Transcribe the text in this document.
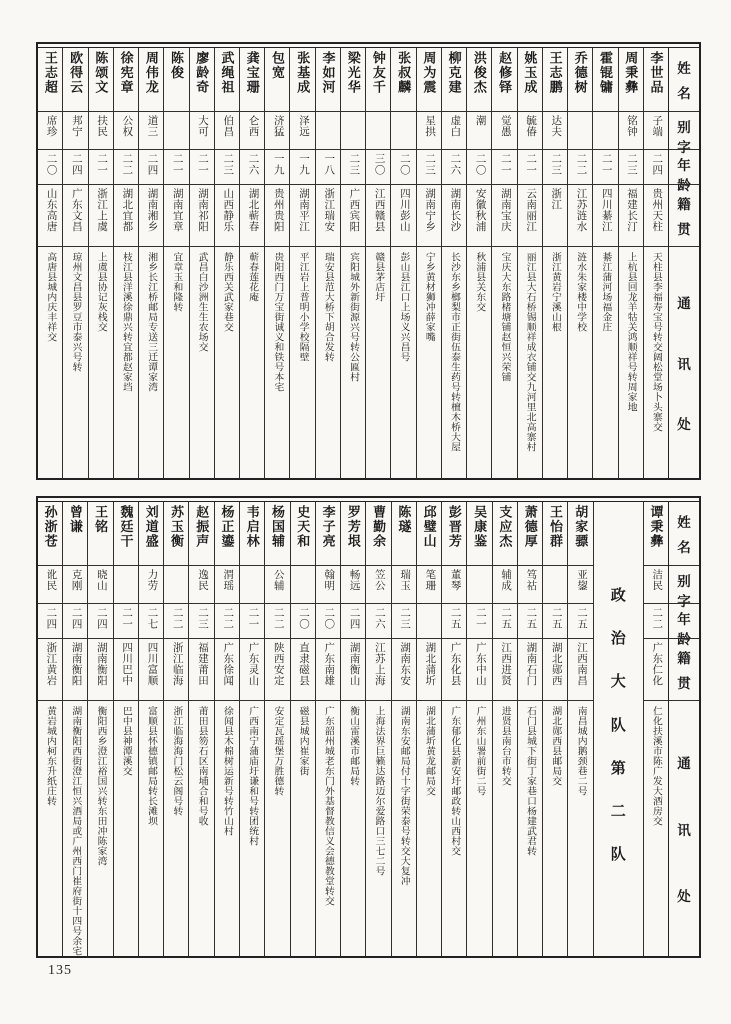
姓
名
别
字
年
龄
籍
贯
通
讯
处
李世品
子端
二四
贵州天柱
天柱县李福寿宝号转交阔松堂场卜头寨交
周秉彝
铭钟
二三
福建长汀
上杭县回龙羊牯关鸿顺祥号转周家地
霍锟镛
二一
四川綦江
綦江蒲河场福金庄
乔德树
二二
江苏涟水
涟水朱家楼中学校
王志鹏
达夫
二三
浙江
浙江黄岩宁溪山根
姚玉成
毓偆
二一
云南丽江
丽江县大石桥锡顺祥成衣铺交九河里北高寨村
赵修铎
觉愚
二一
湖南宝庆
宝庆大东路楮塘铺赵恒兴荣铺
洪俊杰
潮
二〇
安徽秋浦
秋浦县关东交
柳克建
虚白
二六
湖南长沙
长沙东乡榔梨市正街伍泰生药号转檀木桥大屋
周为震
星拱
二三
湖南宁乡
宁乡黄材狮冲薛家嘴
张叔麟
二〇
四川彭山
彭山县江口上场义兴昌号
钟友千
三〇
江西赣县
赣县茅店圩
梁光华
二三
广西宾阳
宾阳城外新街源兴号转公匾村
李如河
一八
浙江瑞安
瑞安县范大桥下胡合发转
张基成
泽远
一九
湖南平江
平江岩上普明小学校隔壁
包宽
济猛
一九
贵州贵阳
贵阳西门万宝街诚义和铁号本宅
龚宝珊
仑西
二六
湖北蕲春
蕲春莲花庵
武绳祖
伯昌
二三
山西静乐
静乐西关武家巷交
廖龄奇
大可
二一
湖南祁阳
武昌白沙洲生生农场交
陈俊
二一
湖南宜章
宜章玉和隆转
周伟龙
道三
二四
湖南湘乡
湘乡长江桥邮局专送三迁谭家湾
徐宪章
公权
二二
湖北宜都
枝江县洋溪徐鼎兴转宜都赵家垱
陈颂文
扶民
二一
浙江上虞
上虞县协记灰栈交
欧得云
邦宁
二四
广东文昌
琼州文昌县罗豆市泰兴号转
王志超
席珍
二〇
山东高唐
高唐县城内庆丰祥交
姓
名
别
字
年
龄
籍
贯
通
讯
处
谭秉彝
洁民
二二
广东仁化
仁化扶溪市陈广发大酒房交
政
治
大
队
第
二
队
胡家骠
亚鋆
二五
江西南昌
南昌城内鹅颈巷二号
王怡群
二五
湖北郧西
湖北郧西县邮局交
萧德厚
笃祜
二五
湖南石门
石门县城下街丁家巷口杨建武君转
支应杰
辅成
二五
江西进贤
进贤县南台市转交
吴康鉴
二一
广东中山
广州东山署前街二号
彭晋芳
董琴
二五
广东化县
广东郁化县新安圩邮政转山西村交
邱璧山
笔珊
湖北蒲圻
湖北蒲圻黄龙邮局交
陈璲
瑞玉
二三
湖南东安
湖南东安邮局付十字街荣泰号转交大复冲
曹勤余
笠公
二六
江苏上海
上海法界巨籁达路迈尔爱路口三七二号
罗芳垠
畅远
二四
湖南衡山
衡山雷溪市邮局转
李子亮
翰明
二〇
广东南雄
广东韶州城老东门外基督教信义会德教堂转交
史天和
二〇
直隶磁县
磁县城内崔家街
杨国辅
公辅
二二
陕西安定
安定瓦瑶堡万胜德转
韦启林
二一
广东灵山
广西南宁蒲庙圩谦和号转团统村
杨正鎏
渭瑶
二二
广东徐闻
徐闻县木棉树运新号转竹山村
赵振声
逸民
二三
福建莆田
莆田县笏石区南埔合和号收
苏玉衡
二二
浙江临海
浙江临海海门松云阁号转
刘道盛
力劳
二七
四川富顺
富顺县怀德镇邮局转长滩坝
魏廷干
二一
四川巴中
巴中县神潭溪交
王铭
晓山
二四
湖南衡阳
衡阳西乡澄江裕国兴转东田冲陈家湾
曾谦
克刚
二四
湖南衡阳
湖南衡阳西街澄江恒兴酒局或广州西门崔府街十四号余宅
孙浙苍
讹民
二四
浙江黄岩
黄岩城内柯东升纸庄转
135
